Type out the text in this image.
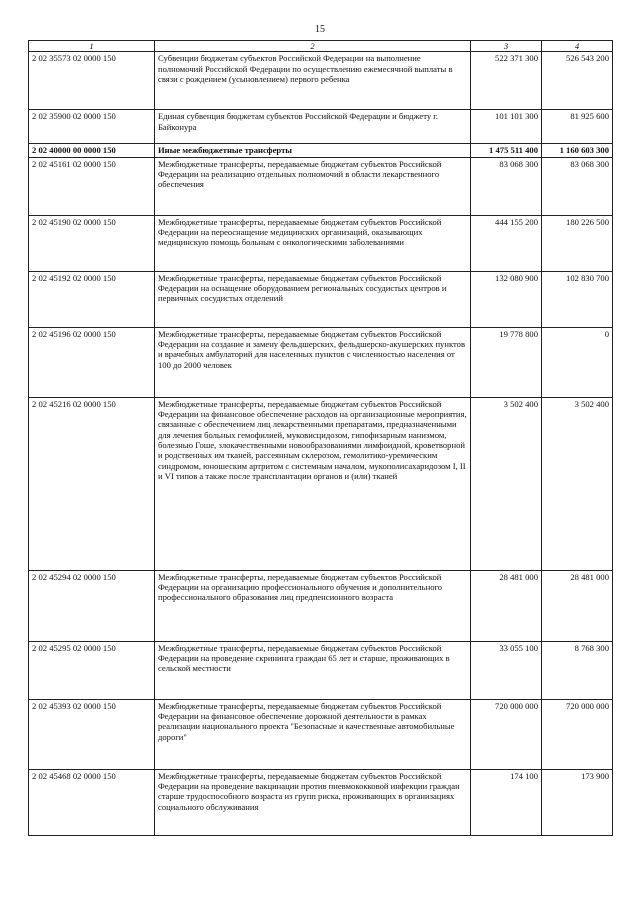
15
1	2	3	4
2 02 35573 02 0000 150	Субвенции бюджетам субъектов Российской Федерации на выполнение полномочий Российской Федерации по осуществлению ежемесячной выплаты в связи с рождением (усыновлением) первого ребенка	522 371 300	526 543 200
2 02 35900 02 0000 150	Единая субвенция бюджетам субъектов Российской Федерации и бюджету г. Байконура	101 101 300	81 925 600
2 02 40000 00 0000 150	Иные межбюджетные трансферты	1 475 511 400	1 160 603 300
2 02 45161 02 0000 150	Межбюджетные трансферты, передаваемые бюджетам субъектов Российской Федерации на реализацию отдельных полномочий в области лекарственного обеспечения	83 068 300	83 068 300
2 02 45190 02 0000 150	Межбюджетные трансферты, передаваемые бюджетам субъектов Российской Федерации на переоснащение медицинских организаций, оказывающих медицинскую помощь больным с онкологическими заболеваниями	444 155 200	180 226 500
2 02 45192 02 0000 150	Межбюджетные трансферты, передаваемые бюджетам субъектов Российской Федерации на оснащение оборудованием региональных сосудистых центров и первичных сосудистых отделений	132 080 900	102 830 700
2 02 45196 02 0000 150	Межбюджетные трансферты, передаваемые бюджетам субъектов Российской Федерации на создание и замену фельдшерских, фельдшерско-акушерских пунктов и врачебных амбулаторий для населенных пунктов с численностью населения от 100 до 2000 человек	19 778 800	0
2 02 45216 02 0000 150	Межбюджетные трансферты, передаваемые бюджетам субъектов Российской Федерации на финансовое обеспечение расходов на организационные мероприятия, связанные с обеспечением лиц лекарственными препаратами, предназначенными для лечения больных гемофилией, муковисцидозом, гипофизарным нанизмом, болезнью Гоше, злокачественными новообразованиями лимфоидной, кроветворной и родственных им тканей, рассеянным склерозом, гемолитико-уремическим синдромом, юношеским артритом с системным началом, мукополисахаридозом I, II и VI типов а также после трансплантации органов и (или) тканей	3 502 400	3 502 400
2 02 45294 02 0000 150	Межбюджетные трансферты, передаваемые бюджетам субъектов Российской Федерации на организацию профессионального обучения и дополнительного профессионального образования лиц предпенсионного возраста	28 481 000	28 481 000
2 02 45295 02 0000 150	Межбюджетные трансферты, передаваемые бюджетам субъектов Российской Федерации на проведение скрининга граждан 65 лет и старше, проживающих в сельской местности	33 055 100	8 768 300
2 02 45393 02 0000 150	Межбюджетные трансферты, передаваемые бюджетам субъектов Российской Федерации на финансовое обеспечение дорожной деятельности в рамках реализации национального проекта "Безопасные и качественные автомобильные дороги"	720 000 000	720 000 000
2 02 45468 02 0000 150	Межбюджетные трансферты, передаваемые бюджетам субъектов Российской Федерации на проведение вакцинации против пневмококковой инфекции граждан старше трудоспособного возраста из групп риска, проживающих в организациях социального обслуживания	174 100	173 900
